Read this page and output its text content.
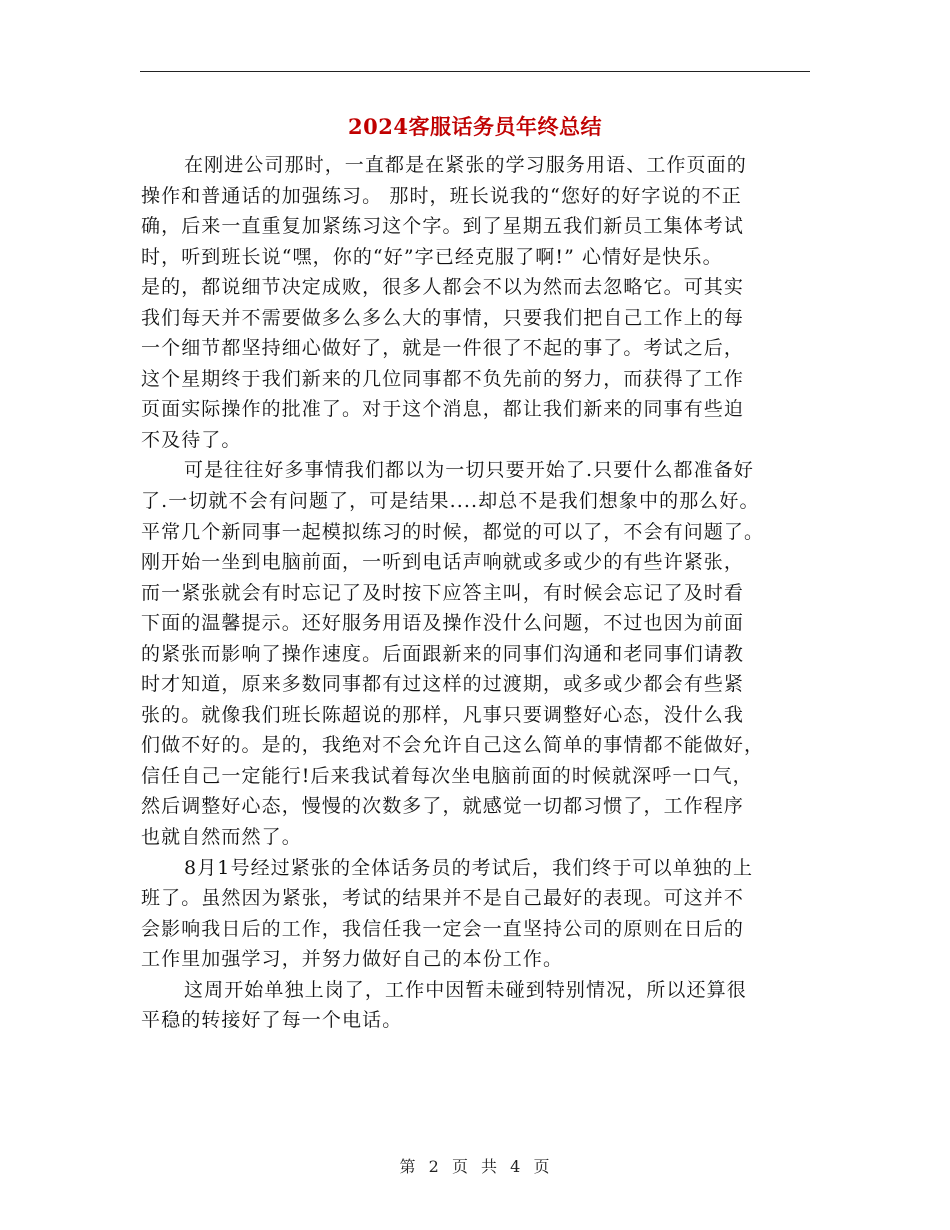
2024客服话务员年终总结
在刚进公司那时，一直都是在紧张的学习服务用语、工作页面的
操作和普通话的加强练习。 那时，班长说我的“您好的好字说的不正
确，后来一直重复加紧练习这个字。到了星期五我们新员工集体考试
时，听到班长说“嘿，你的“好”字已经克服了啊!” 心情好是快乐。
是的，都说细节决定成败，很多人都会不以为然而去忽略它。可其实
我们每天并不需要做多么多么大的事情，只要我们把自己工作上的每
一个细节都坚持细心做好了，就是一件很了不起的事了。考试之后，
这个星期终于我们新来的几位同事都不负先前的努力，而获得了工作
页面实际操作的批准了。对于这个消息，都让我们新来的同事有些迫
不及待了。
可是往往好多事情我们都以为一切只要开始了.只要什么都准备好
了.一切就不会有问题了，可是结果....却总不是我们想象中的那么好。
平常几个新同事一起模拟练习的时候，都觉的可以了，不会有问题了。
刚开始一坐到电脑前面，一听到电话声响就或多或少的有些许紧张，
而一紧张就会有时忘记了及时按下应答主叫，有时候会忘记了及时看
下面的温馨提示。还好服务用语及操作没什么问题，不过也因为前面
的紧张而影响了操作速度。后面跟新来的同事们沟通和老同事们请教
时才知道，原来多数同事都有过这样的过渡期，或多或少都会有些紧
张的。就像我们班长陈超说的那样，凡事只要调整好心态，没什么我
们做不好的。是的，我绝对不会允许自己这么简单的事情都不能做好，
信任自己一定能行!后来我试着每次坐电脑前面的时候就深呼一口气，
然后调整好心态，慢慢的次数多了，就感觉一切都习惯了，工作程序
也就自然而然了。
8月1号经过紧张的全体话务员的考试后，我们终于可以单独的上
班了。虽然因为紧张，考试的结果并不是自己最好的表现。可这并不
会影响我日后的工作，我信任我一定会一直坚持公司的原则在日后的
工作里加强学习，并努力做好自己的本份工作。
这周开始单独上岗了，工作中因暂未碰到特别情况，所以还算很
平稳的转接好了每一个电话。
第 2 页 共 4 页
